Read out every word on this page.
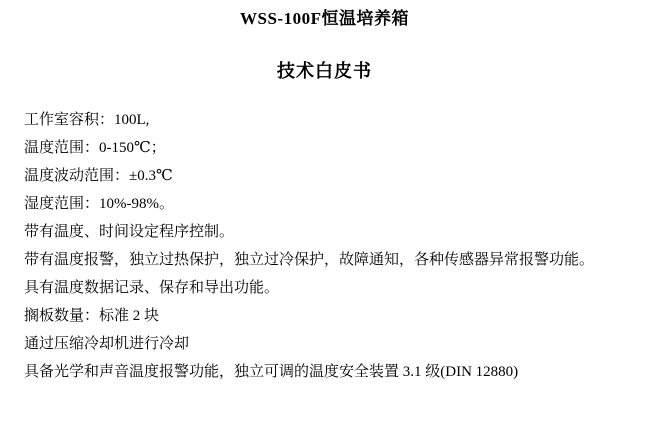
WSS-100F恒温培养箱
技术白皮书
工作室容积：100L,
温度范围：0-150℃；
温度波动范围：±0.3℃
湿度范围：10%-98%。
带有温度、时间设定程序控制。
带有温度报警，独立过热保护，独立过冷保护，故障通知，各种传感器异常报警功能。
具有温度数据记录、保存和导出功能。
搁板数量：标准 2 块
通过压缩冷却机进行冷却
具备光学和声音温度报警功能，独立可调的温度安全装置 3.1 级(DIN 12880)
